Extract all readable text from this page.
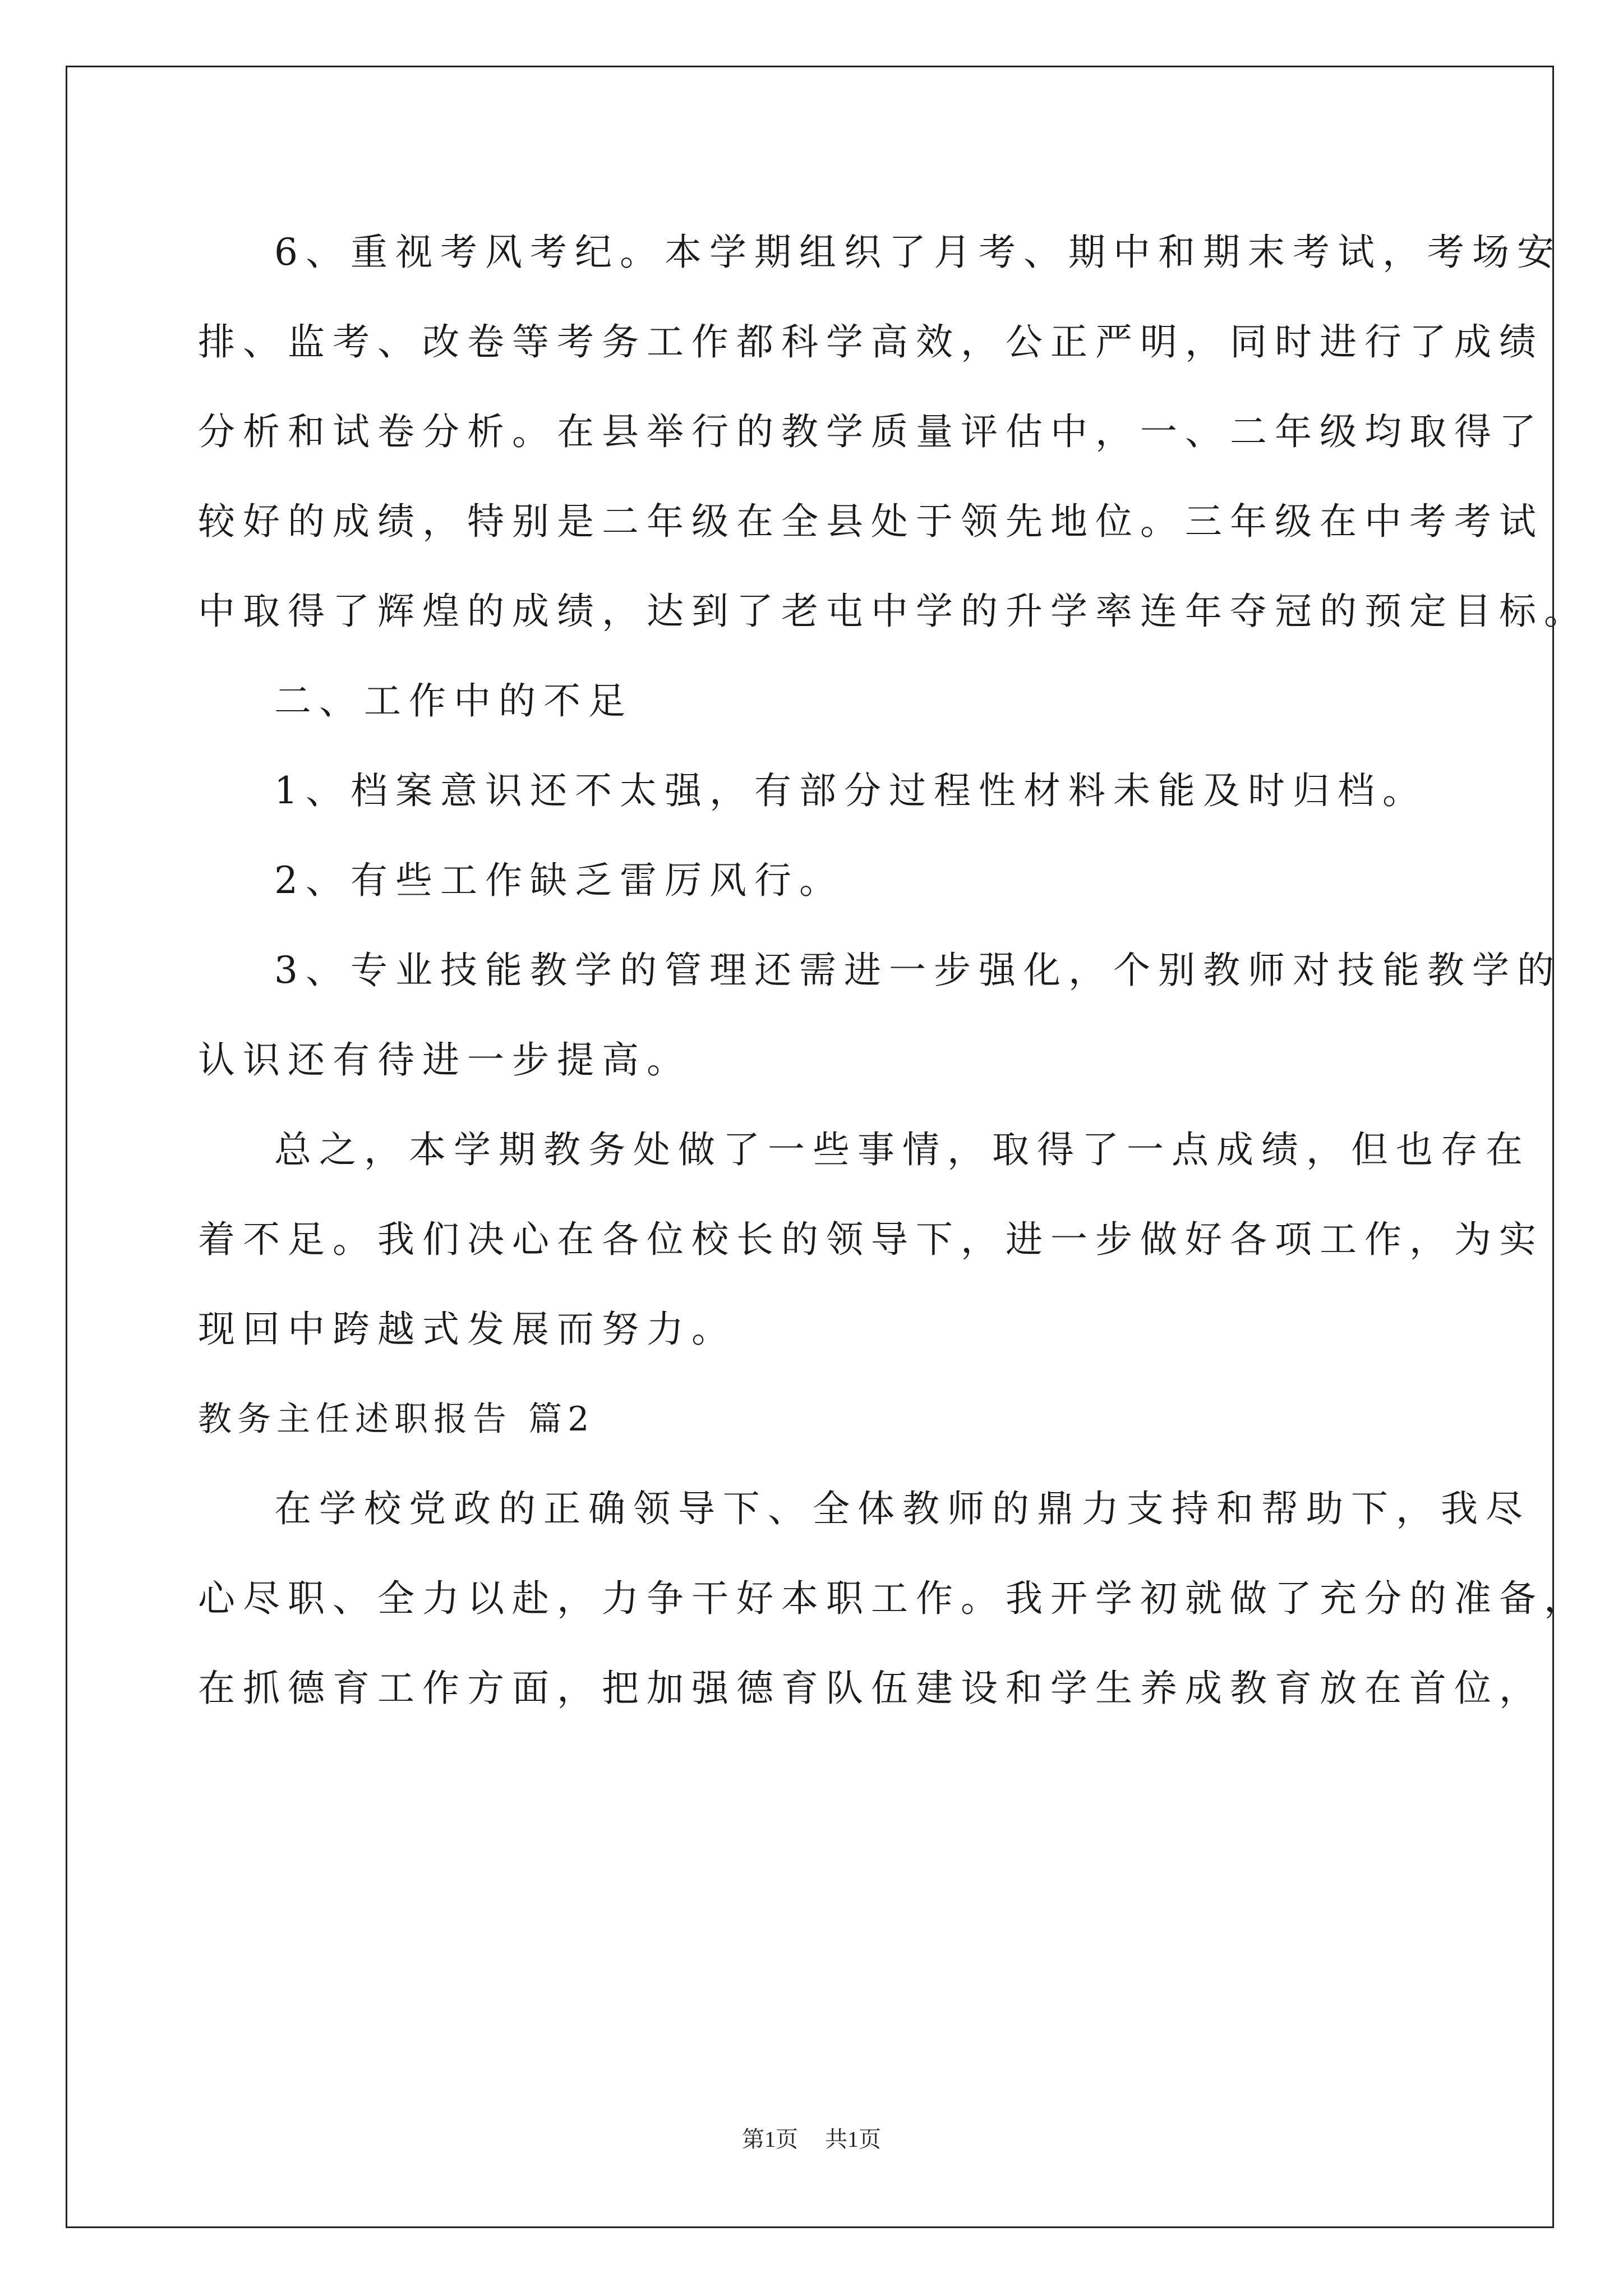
6、重视考风考纪。本学期组织了月考、期中和期末考试，考场安
排、监考、改卷等考务工作都科学高效，公正严明，同时进行了成绩
分析和试卷分析。在县举行的教学质量评估中，一、二年级均取得了
较好的成绩，特别是二年级在全县处于领先地位。三年级在中考考试
中取得了辉煌的成绩，达到了老屯中学的升学率连年夺冠的预定目标。
二、工作中的不足
1、档案意识还不太强，有部分过程性材料未能及时归档。
2、有些工作缺乏雷厉风行。
3、专业技能教学的管理还需进一步强化，个别教师对技能教学的
认识还有待进一步提高。
总之，本学期教务处做了一些事情，取得了一点成绩，但也存在
着不足。我们决心在各位校长的领导下，进一步做好各项工作，为实
现回中跨越式发展而努力。
教务主任述职报告 篇2
在学校党政的正确领导下、全体教师的鼎力支持和帮助下，我尽
心尽职、全力以赴，力争干好本职工作。我开学初就做了充分的准备，
在抓德育工作方面，把加强德育队伍建设和学生养成教育放在首位，
第1页 共1页
